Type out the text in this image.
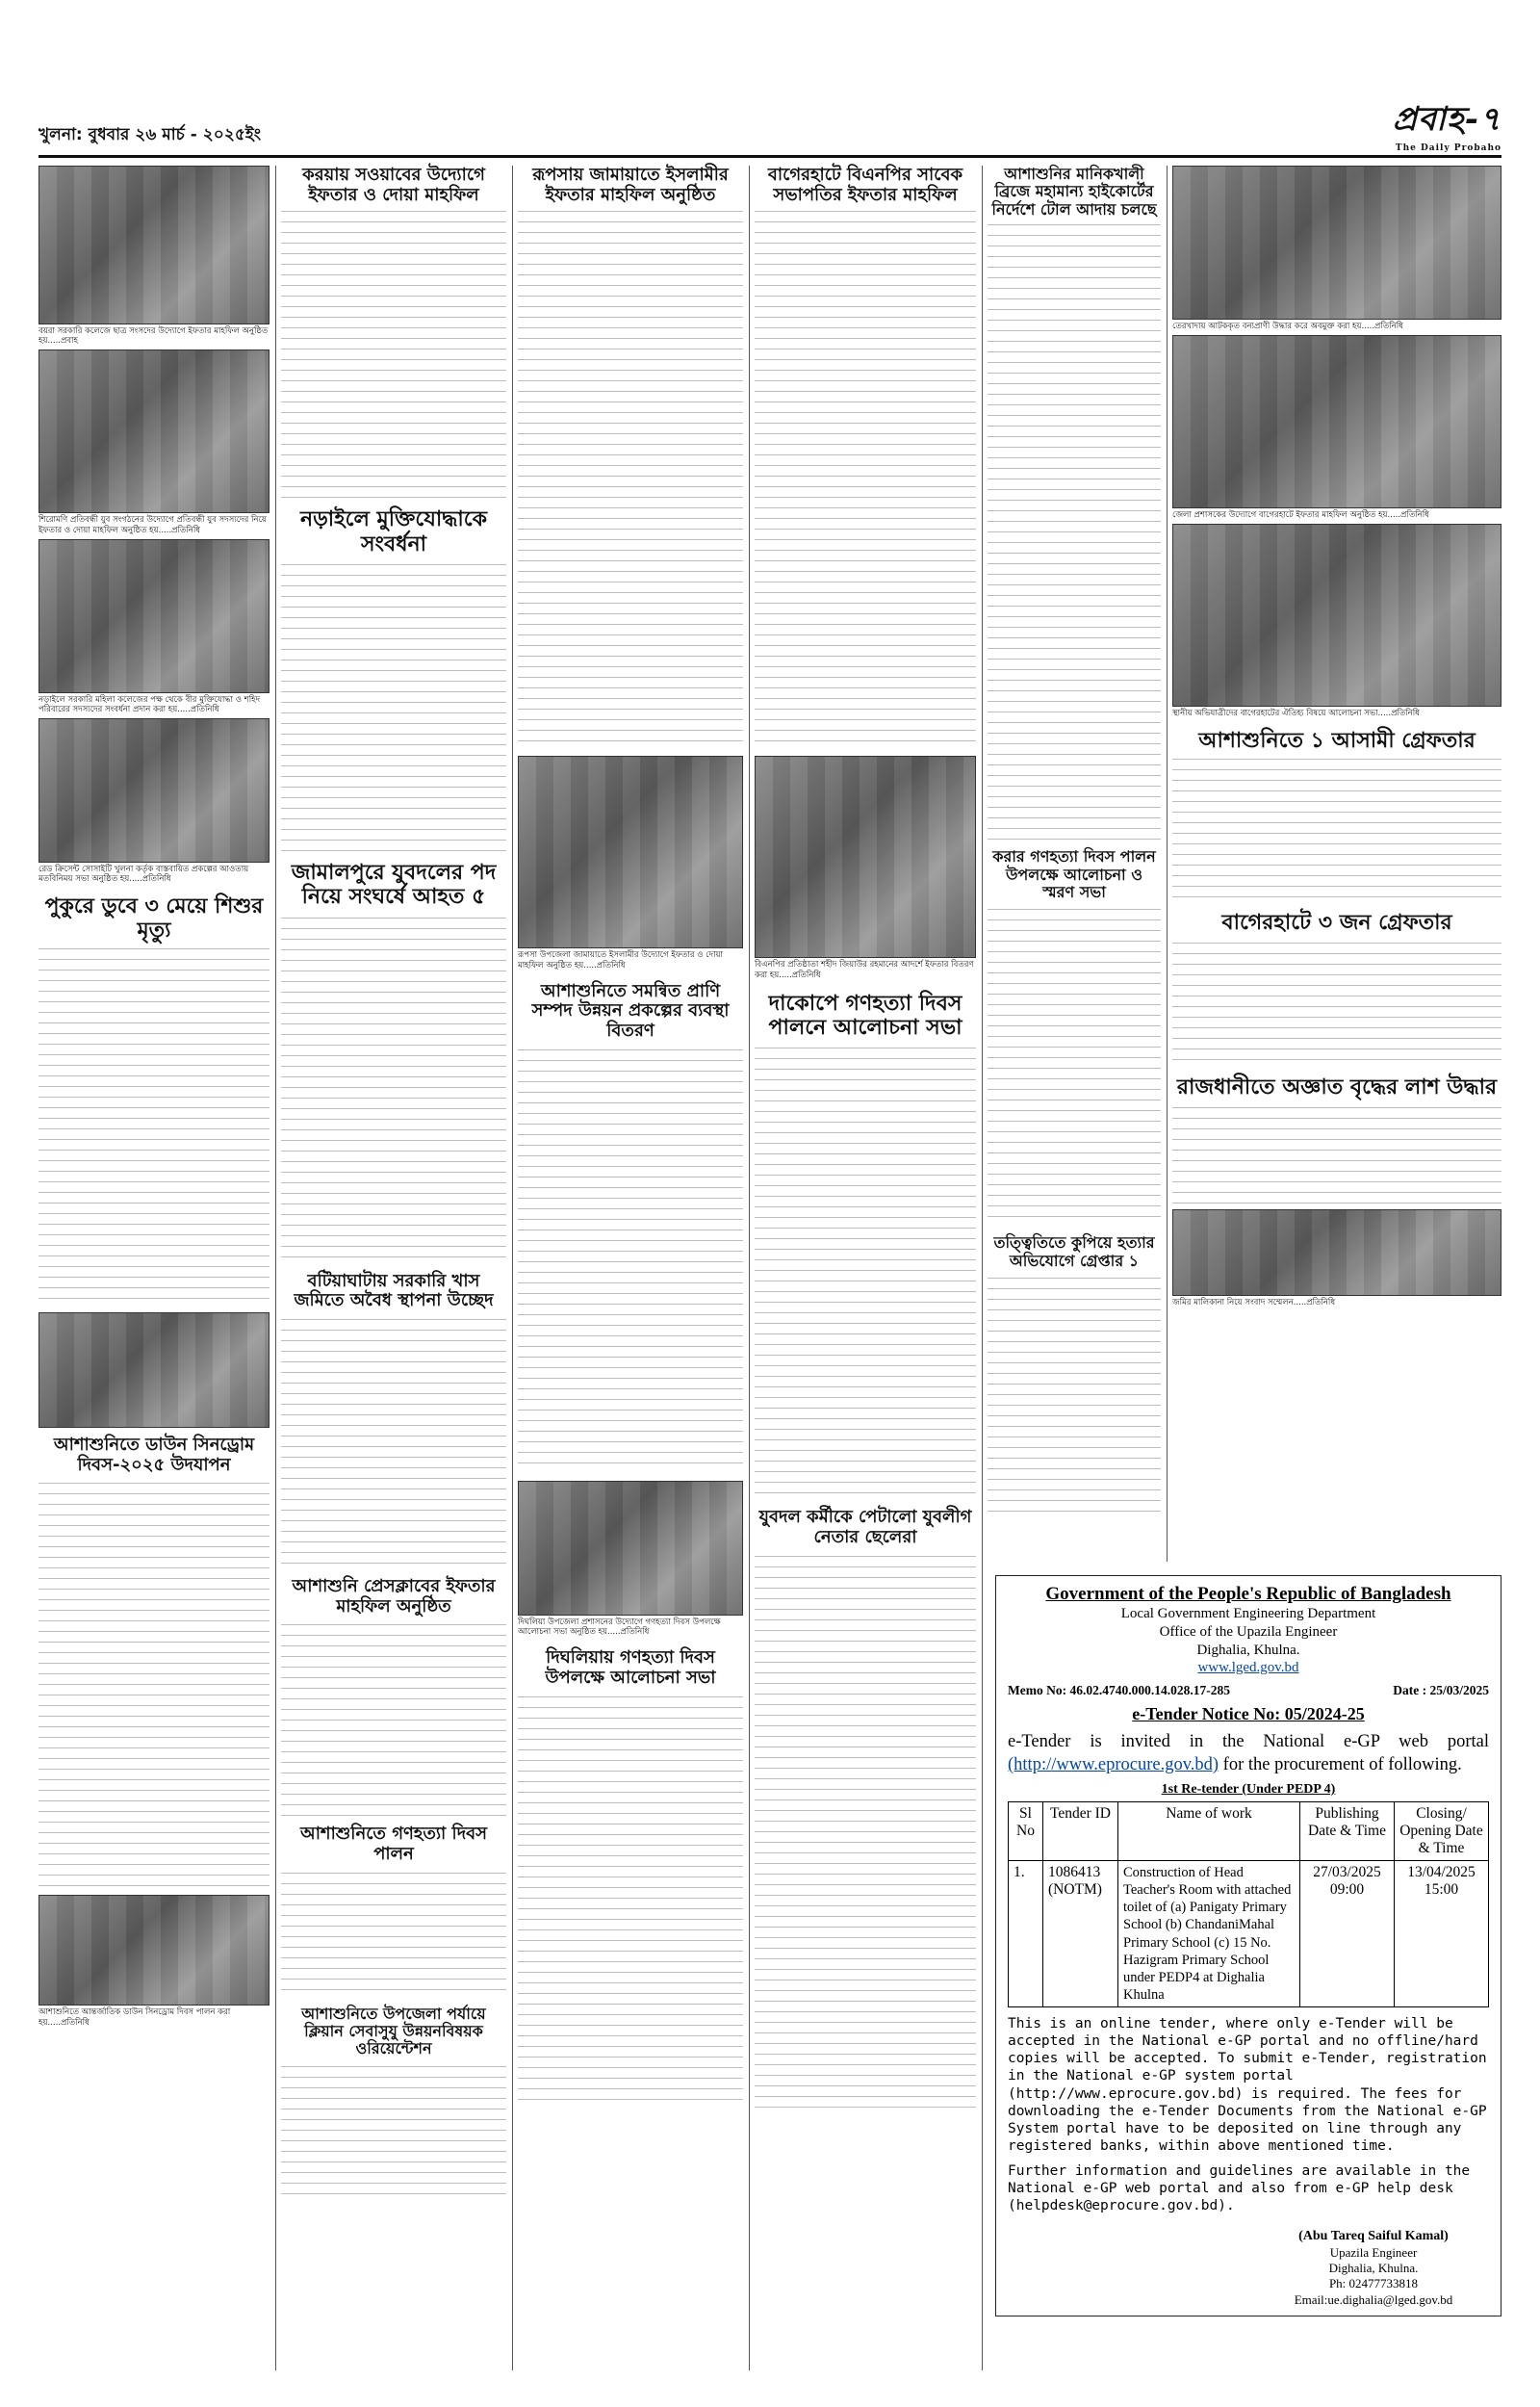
খুলনা: বুধবার ২৬ মার্চ - ২০২৫ইং	প্রবাহ-৭
The Daily Probaho
বয়রা সরকারি কলেজে ছাত্র সংসদের উদ্যোগে ইফতার মাহফিল অনুষ্ঠিত হয়.....প্রবাহ
শিরোমণি প্রতিবন্ধী যুব সংগঠনের উদ্যোগে প্রতিবন্ধী যুব সদস্যদের নিয়ে ইফতার ও দোয়া মাহফিল অনুষ্ঠিত হয়.....প্রতিনিধি
নড়াইলে সরকারি মহিলা কলেজের পক্ষ থেকে বীর মুক্তিযোদ্ধা ও শহিদ পরিবারের সদস্যদের সংবর্ধনা প্রদান করা হয়.....প্রতিনিধি
রেড ক্রিসেন্ট সোসাইটি খুলনা কর্তৃক বাস্তবায়িত প্রকল্পের আওতায় মতবিনিময় সভা অনুষ্ঠিত হয়.....প্রতিনিধি
পুকুরে ডুবে ৩ মেয়ে শিশুর মৃত্যু
আশাশুনিতে ডাউন সিনড্রোম দিবস-২০২৫ উদযাপন
আশাশুনিতে আন্তর্জাতিক ডাউন সিনড্রোম দিবস পালন করা হয়.....প্রতিনিধি
করয়ায় সওয়াবের উদ্যোগে ইফতার ও দোয়া মাহফিল
নড়াইলে মুক্তিযোদ্ধাকে সংবর্ধনা
জামালপুরে যুবদলের পদ নিয়ে সংঘর্ষে আহত ৫
বটিয়াঘাটায় সরকারি খাস জমিতে অবৈধ স্থাপনা উচ্ছেদ
আশাশুনি প্রেসক্লাবের ইফতার মাহফিল অনুষ্ঠিত
আশাশুনিতে গণহত্যা দিবস পালন
আশাশুনিতে উপজেলা পর্যায়ে ক্লিয়ান সেবাসুযু উন্নয়নবিষয়ক ওরিয়েন্টেশন
রূপসায় জামায়াতে ইসলামীর ইফতার মাহফিল অনুষ্ঠিত
রূপসা উপজেলা জামায়াতে ইসলামীর উদ্যোগে ইফতার ও দোয়া মাহফিল অনুষ্ঠিত হয়.....প্রতিনিধি
আশাশুনিতে সমন্বিত প্রাণি সম্পদ উন্নয়ন প্রকল্পের ব্যবস্থা বিতরণ
দিঘলিয়া উপজেলা প্রশাসনের উদ্যোগে গণহত্যা দিবস উপলক্ষে আলোচনা সভা অনুষ্ঠিত হয়.....প্রতিনিধি
দিঘলিয়ায় গণহত্যা দিবস উপলক্ষে আলোচনা সভা
বাগেরহাটে বিএনপির সাবেক সভাপতির ইফতার মাহফিল
বিএনপির প্রতিষ্ঠাতা শহীদ জিয়াউর রহমানের আদর্শে ইফতার বিতরণ করা হয়.....প্রতিনিধি
দাকোপে গণহত্যা দিবস পালনে আলোচনা সভা
যুবদল কর্মীকে পেটালো যুবলীগ নেতার ছেলেরা
আশাশুনির মানিকখালী ব্রিজে মহামান্য হাইকোর্টের নির্দেশে টোল আদায় চলছে
করার গণহত্যা দিবস পালন উপলক্ষে আলোচনা ও স্মরণ সভা
তত্ত্বিতিতে কুপিয়ে হত্যার অভিযোগে গ্রেপ্তার ১
তেরখাদায় আটককৃত বন্যপ্রাণী উদ্ধার করে অবমুক্ত করা হয়.....প্রতিনিধি
জেলা প্রশাসকের উদ্যোগে বাগেরহাটে ইফতার মাহফিল অনুষ্ঠিত হয়.....প্রতিনিধি
স্থানীয় অভিযাত্রীদের বাগেরহাটের ঐতিহ্য বিষয়ে আলোচনা সভা.....প্রতিনিধি
আশাশুনিতে ১ আসামী গ্রেফতার
বাগেরহাটে ৩ জন গ্রেফতার
রাজধানীতে অজ্ঞাত বৃদ্ধের লাশ উদ্ধার
জমির মালিকানা নিয়ে সংবাদ সম্মেলন.....প্রতিনিধি
Government of the People's Republic of Bangladesh
Local Government Engineering Department
Office of the Upazila Engineer
Dighalia, Khulna.
www.lged.gov.bd
Memo No: 46.02.4740.000.14.028.17-285	Date : 25/03/2025
e-Tender Notice No: 05/2024-25
e-Tender is invited in the National e-GP web portal (http://www.eprocure.gov.bd) for the procurement of following.
1st Re-tender (Under PEDP 4)
Sl No	Tender ID	Name of work	Publishing Date & Time	Closing/ Opening Date & Time
1.	1086413 (NOTM)	Construction of Head Teacher's Room with attached toilet of (a) Panigaty Primary School (b) ChandaniMahal Primary School (c) 15 No. Hazigram Primary School under PEDP4 at Dighalia Khulna	27/03/2025 09:00	13/04/2025 15:00
This is an online tender, where only e-Tender will be accepted in the National e-GP portal and no offline/hard copies will be accepted. To submit e-Tender, registration in the National e-GP system portal (http://www.eprocure.gov.bd) is required. The fees for downloading the e-Tender Documents from the National e-GP System portal have to be deposited on line through any registered banks, within above mentioned time.
Further information and guidelines are available in the National e-GP web portal and also from e-GP help desk (helpdesk@eprocure.gov.bd).
(Abu Tareq Saiful Kamal)
Upazila Engineer
Dighalia, Khulna.
Ph: 02477733818
Email:ue.dighalia@lged.gov.bd
